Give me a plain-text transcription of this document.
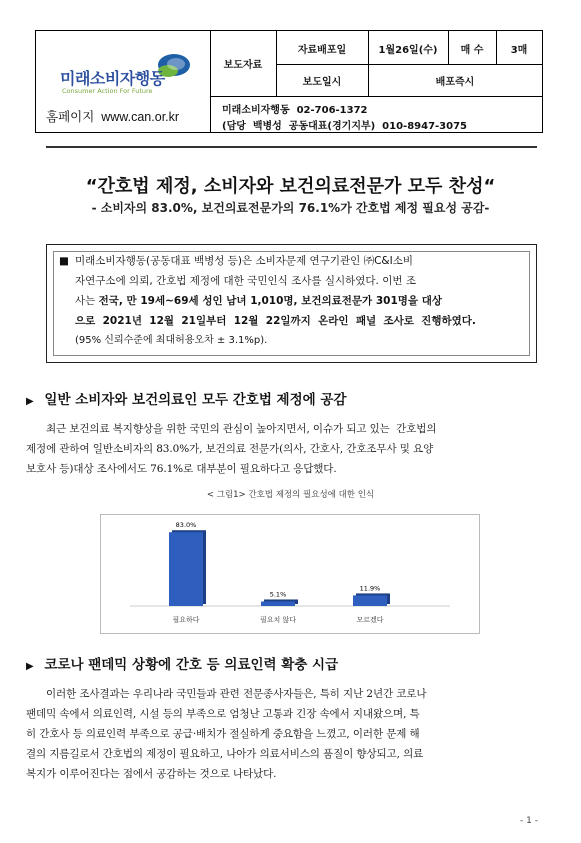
미래소비자행동
Consumer Action For Future
홈페이지  www.can.or.kr
보도자료
자료배포일	1월26일(수)	매 수	3매
보도일시	배포즉시
미래소비자행동  02-706-1372
(담당  백병성  공동대표(경기지부)  010-8947-3075
“간호법 제정, 소비자와 보건의료전문가 모두 찬성“
- 소비자의 83.0%, 보건의료전문가의 76.1%가 간호법 제정 필요성 공감-
■ 미래소비자행동(공동대표 백병성 등)은 소비자문제 연구기관인 ㈜C&I소비
자연구소에 의뢰, 간호법 제정에 대한 국민인식 조사를 실시하였다. 이번 조
사는 전국, 만 19세~69세 성인 남녀 1,010명, 보건의료전문가 301명을 대상
으로  2021년  12월  21일부터  12월  22일까지  온라인  패널  조사로  진행하였다.
(95% 신뢰수준에 최대허용오차 ± 3.1%p).
▶ 일반 소비자와 보건의료인 모두 간호법 제정에 공감
최근 보건의료 복지향상을 위한 국민의 관심이 높아지면서, 이슈가 되고 있는  간호법의
제정에 관하여 일반소비자의 83.0%가, 보건의료 전문가(의사, 간호사, 간호조무사 및 요양
보호사 등)대상 조사에서도 76.1%로 대부분이 필요하다고 응답했다.
< 그림1> 간호법 제정의 필요성에 대한 인식
83.0%
필요하다
5.1%
필요치 않다
11.9%
모르겠다
▶ 코로나 팬데믹 상황에 간호 등 의료인력 확충 시급
이러한 조사결과는 우리나라 국민들과 관련 전문종사자들은, 특히 지난 2년간 코로나
팬데믹 속에서 의료인력, 시설 등의 부족으로 엄청난 고통과 긴장 속에서 지내왔으며, 특
히 간호사 등 의료인력 부족으로 공급·배치가 절실하게 중요함을 느꼈고, 이러한 문제 해
결의 지름길로서 간호법의 제정이 필요하고, 나아가 의료서비스의 품질이 향상되고, 의료
복지가 이루어진다는 점에서 공감하는 것으로 나타났다.
- 1 -
